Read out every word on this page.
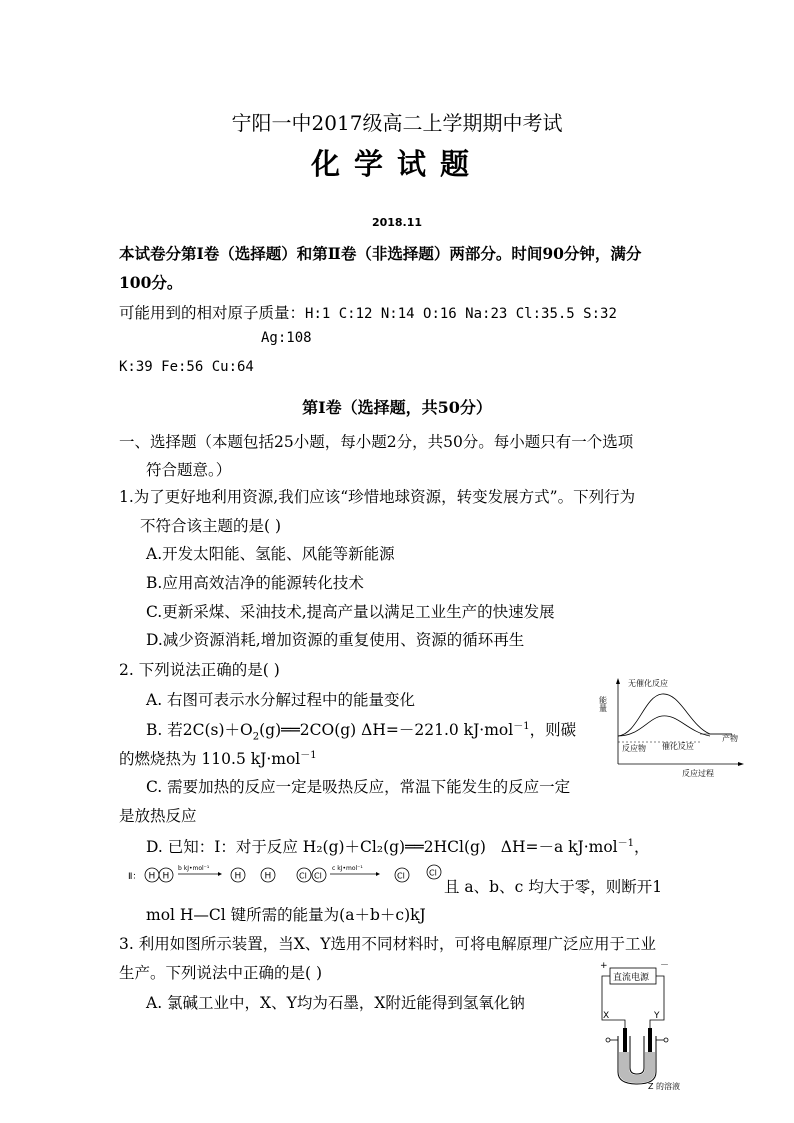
宁阳一中2017级高二上学期期中考试
化学试题
2018.11
本试卷分第Ⅰ卷（选择题）和第Ⅱ卷（非选择题）两部分。时间90分钟，满分
100分。
可能用到的相对原子质量：H:1 C:12 N:14 O:16 Na:23 Cl:35.5 S:32
Ag:108
K:39 Fe:56 Cu:64
第Ⅰ卷（选择题，共50分）
一、选择题（本题包括25小题，每小题2分，共50分。每小题只有一个选项
符合题意。）
1.为了更好地利用资源,我们应该“珍惜地球资源，转变发展方式”。下列行为
不符合该主题的是( )
A.开发太阳能、氢能、风能等新能源
B.应用高效洁净的能源转化技术
C.更新采煤、采油技术,提高产量以满足工业生产的快速发展
D.减少资源消耗,增加资源的重复使用、资源的循环再生
2. 下列说法正确的是( )
A. 右图可表示水分解过程中的能量变化
B. 若$2C(s)+O_2(g)══2CO(g)$ ΔH=－221.0 kJ·mol$^{-1}$，则碳
的燃烧热为 110.5 kJ·mol$^{-1}$
C. 需要加热的反应一定是吸热反应，常温下能发生的反应一定
是放热反应
D. 已知：Ⅰ：对于反应 H₂(g)＋Cl₂(g)══2HCl(g) ΔH=－a kJ·mol$^{-1}$，
Ⅱ： H H
b kJ•mol⁻¹
H	H	Cl Cl
c kJ•mol⁻¹
Cl	Cl
且 a、b、c 均大于零，则断开1
mol H—Cl 键所需的能量为(a＋b＋c)kJ
能量
无催化反应
催化反应
反应物
产物
反应过程
3. 利用如图所示装置，当X、Y选用不同材料时，可将电解原理广泛应用于工业
生产。下列说法中正确的是( )
A. 氯碱工业中，X、Y均为石墨，X附近能得到氢氧化钠
+	－
直流电源
X	Y
Z 的溶液
